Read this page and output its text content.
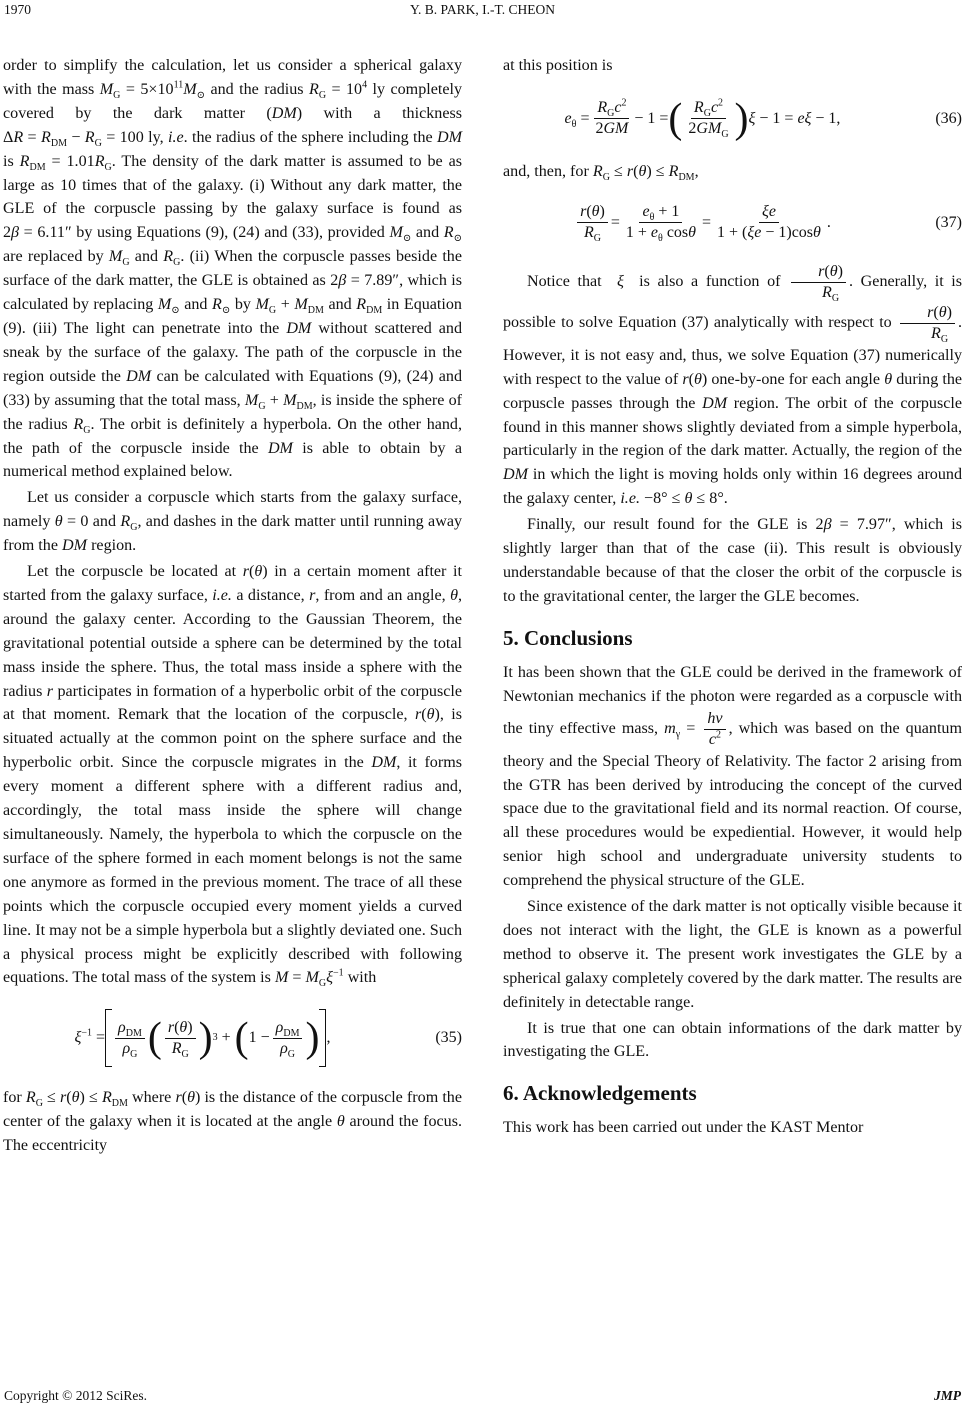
1970	Y. B. PARK, I.-T. CHEON

order to simplify the calculation, let us consider a spherical galaxy with the mass $M_G = 5\times 10^{11}M_⊙$ and the radius $R_G = 10^4$ ly completely covered by the dark matter (DM) with a thickness $\Delta R = R_{DM} - R_G = 100$ ly, i.e. the radius of the sphere including the DM is $R_{DM} = 1.01R_G$. The density of the dark matter is assumed to be as large as 10 times that of the galaxy. (i) Without any dark matter, the GLE of the corpuscle passing by the galaxy surface is found as 2β = 6.11″ by using Equations (9), (24) and (33), provided $M_⊙$ and $R_⊙$ are replaced by $M_G$ and $R_G$. (ii) When the corpuscle passes beside the surface of the dark matter, the GLE is obtained as 2β = 7.89″, which is calculated by replacing $M_⊙$ and $R_⊙$ by $M_G + M_{DM}$ and $R_{DM}$ in Equation (9). (iii) The light can penetrate into the DM without scattered and sneak by the surface of the galaxy. The path of the corpuscle in the region outside the DM can be calculated with Equations (9), (24) and (33) by assuming that the total mass, $M_G + M_{DM}$, is inside the sphere of the radius $R_G$. The orbit is definitely a hyperbola. On the other hand, the path of the corpuscle inside the DM is able to obtain by a numerical method explained below.

Let us consider a corpuscle which starts from the galaxy surface, namely θ = 0 and $R_G$, and dashes in the dark matter until running away from the DM region.

Let the corpuscle be located at r(θ) in a certain moment after it started from the galaxy surface, i.e. a distance, r, from and an angle, θ, around the galaxy center. According to the Gaussian Theorem, the gravitational potential outside a sphere can be determined by the total mass inside the sphere. Thus, the total mass inside a sphere with the radius r participates in formation of a hyperbolic orbit of the corpuscle at that moment. Remark that the location of the corpuscle, r(θ), is situated actually at the common point on the sphere surface and the hyperbolic orbit. Since the corpuscle migrates in the DM, it forms every moment a different sphere with a different radius and, accordingly, the total mass inside the sphere will change simultaneously. Namely, the hyperbola to which the corpuscle on the surface of the sphere formed in each moment belongs is not the same one anymore as formed in the previous moment. The trace of all these points which the corpuscle occupied every moment yields a curved line. It may not be a simple hyperbola but a slightly deviated one. Such a physical process might be explicitly described with following equations. The total mass of the system is $M = M_G\xi^{-1}$ with

$\xi^{-1} = \frac{\rho_{DM}}{\rho_G}$ ( $\frac{r(\theta)}{R_G}$ ) 3 + ( $1 - \frac{\rho_{DM}}{\rho_G}$ ) ,	(35)

for $R_G \le r(\theta) \le R_{DM}$ where r(θ) is the distance of the corpuscle from the center of the galaxy when it is located at the angle θ around the focus. The eccentricity

at this position is

$e_\theta = \frac{R_Gc^2}{2GM} - 1$ = ( $\frac{R_Gc^2}{2GM_G}$ ) ξ − 1 = eξ − 1,	(36)

and, then, for $R_G \le r(\theta) \le R_{DM}$,

$\frac{r(\theta)}{R_G} = \frac{e_\theta + 1}{1 + e_\theta \cos\theta} = \frac{\xi e}{1 + (\xi e - 1)\cos\theta}$ .	(37)

Notice that ξ is also a function of $\frac{r(\theta)}{R_G}$ . Generally, it is possible to solve Equation (37) analytically with respect to $\frac{r(\theta)}{R_G}$ . However, it is not easy and, thus, we solve Equation (37) numerically with respect to the value of r(θ) one-by-one for each angle θ during the corpuscle passes through the DM region. The orbit of the corpuscle found in this manner shows slightly deviated from a simple hyperbola, particularly in the region of the dark matter. Actually, the region of the DM in which the light is moving holds only within 16 degrees around the galaxy center, i.e. −8° ≤ θ ≤ 8°.

Finally, our result found for the GLE is 2β = 7.97″, which is slightly larger than that of the case (ii). This result is obviously understandable because of that the closer the orbit of the corpuscle is to the gravitational center, the larger the GLE becomes.

5. Conclusions

It has been shown that the GLE could be derived in the framework of Newtonian mechanics if the photon were regarded as a corpuscle with the tiny effective mass, $m_\gamma = \frac{h\nu}{c^2}$ , which was based on the quantum theory and the Special Theory of Relativity. The factor 2 arising from the GTR has been derived by introducing the concept of the curved space due to the gravitational field and its normal reaction. Of course, all these procedures would be expediential. However, it would help senior high school and undergraduate university students to comprehend the physical structure of the GLE.

Since existence of the dark matter is not optically visible because it does not interact with the light, the GLE is known as a powerful method to observe it. The present work investigates the GLE by a spherical galaxy completely covered by the dark matter. The results are definitely in detectable range.

It is true that one can obtain informations of the dark matter by investigating the GLE.

6. Acknowledgements

This work has been carried out under the KAST Mentor

Copyright © 2012 SciRes.	JMP
